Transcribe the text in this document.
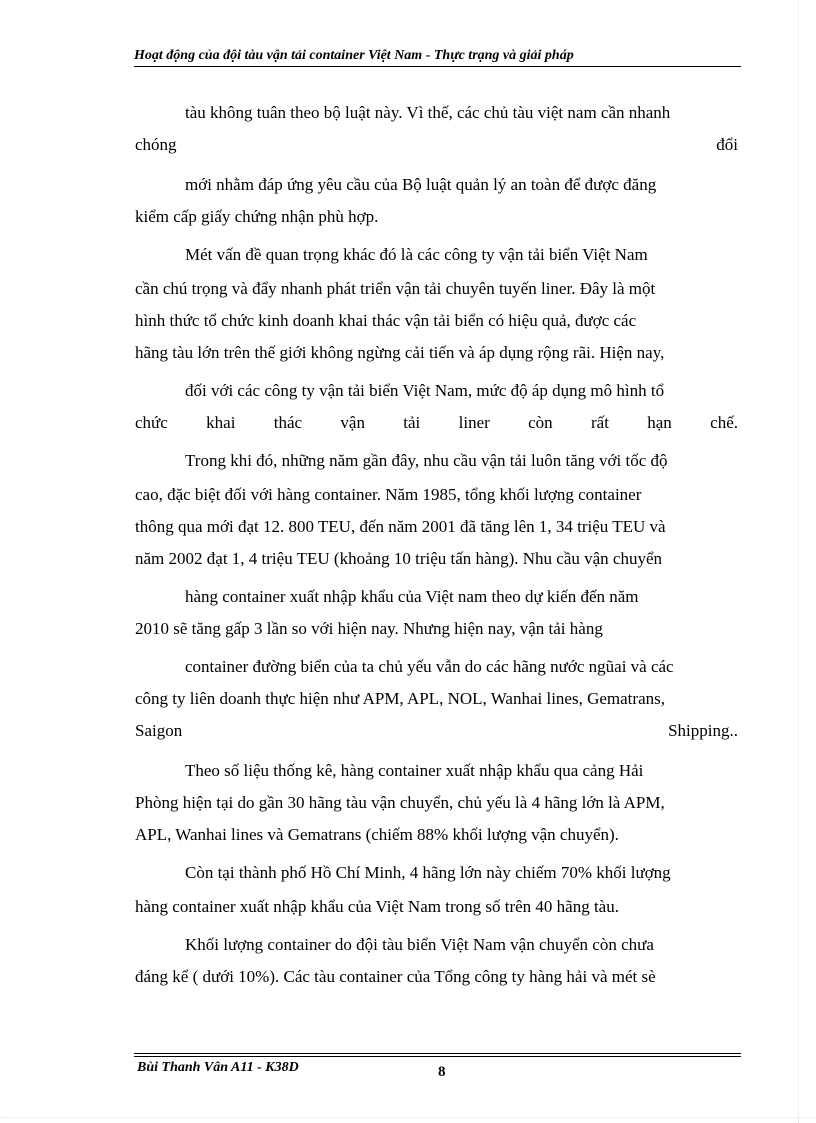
Hoạt động của đội tàu vận tải container Việt Nam - Thực trạng và giải pháp
tàu không tuân theo bộ luật này. Vì thế, các chủ tàu việt nam cần nhanh
chóng	đổi
mới nhằm đáp ứng yêu cầu của Bộ luật quản lý an toàn để được đăng
kiểm cấp giấy chứng nhận phù hợp.
Mét vấn đề quan trọng khác đó là các công ty vận tải biển Việt Nam
cần chú trọng và đẩy nhanh phát triển vận tải chuyên tuyến liner. Đây là một
hình thức tổ chức kinh doanh khai thác vận tải biển có hiệu quả, được các
hãng tàu lớn trên thế giới không ngừng cải tiến và áp dụng rộng rãi. Hiện nay,
đối với các công ty vận tải biển Việt Nam, mức độ áp dụng mô hình tổ
chức khai thác vận tải liner còn rất hạn chế.
Trong khi đó, những năm gần đây, nhu cầu vận tải luôn tăng với tốc độ
cao, đặc biệt đối với hàng container. Năm 1985, tổng khối lượng container
thông qua mới đạt 12. 800 TEU, đến năm 2001 đã tăng lên 1, 34 triệu TEU và
năm 2002 đạt 1, 4 triệu TEU (khoảng 10 triệu tấn hàng). Nhu cầu vận chuyển
hàng container xuất nhập khẩu của Việt nam theo dự kiến đến năm
2010 sẽ tăng gấp 3 lần so với hiện nay. Nhưng hiện nay, vận tải hàng
container đường biển của ta chủ yếu vẫn do các hãng nước ngũai và các
công ty liên doanh thực hiện như APM, APL, NOL, Wanhai lines, Gematrans,
Saigon	Shipping..
Theo số liệu thống kê, hàng container xuất nhập khẩu qua cảng Hải
Phòng hiện tại do gần 30 hãng tàu vận chuyển, chủ yếu là 4 hãng lớn là APM,
APL, Wanhai lines và Gematrans (chiếm 88% khối lượng vận chuyển).
Còn tại thành phố Hồ Chí Minh, 4 hãng lớn này chiếm 70% khối lượng
hàng container xuất nhập khẩu của Việt Nam trong số trên 40 hãng tàu.
Khối lượng container do đội tàu biển Việt Nam vận chuyển còn chưa
đáng kể ( dưới 10%). Các tàu container của Tổng công ty hàng hải và mét sè
Bùi Thanh Vân A11 - K38D	8
